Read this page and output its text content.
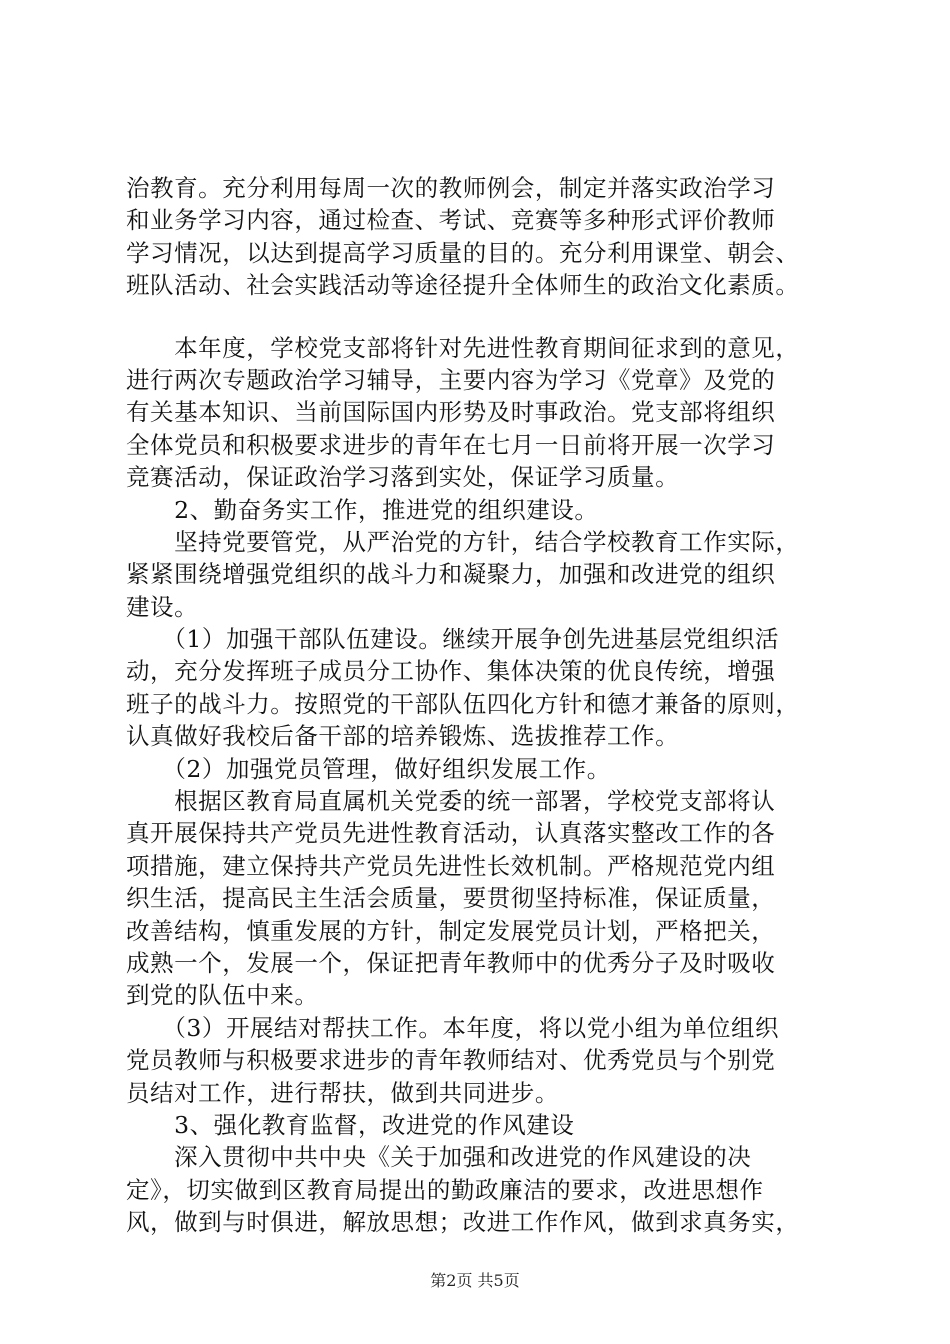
治教育。充分利用每周一次的教师例会，制定并落实政治学习
和业务学习内容，通过检查、考试、竞赛等多种形式评价教师
学习情况，以达到提高学习质量的目的。充分利用课堂、朝会、
班队活动、社会实践活动等途径提升全体师生的政治文化素质。
　　本年度，学校党支部将针对先进性教育期间征求到的意见，
进行两次专题政治学习辅导，主要内容为学习《党章》及党的
有关基本知识、当前国际国内形势及时事政治。党支部将组织
全体党员和积极要求进步的青年在七月一日前将开展一次学习
竞赛活动，保证政治学习落到实处，保证学习质量。
　　2、勤奋务实工作，推进党的组织建设。
　　坚持党要管党，从严治党的方针，结合学校教育工作实际，
紧紧围绕增强党组织的战斗力和凝聚力，加强和改进党的组织
建设。
　　（1）加强干部队伍建设。继续开展争创先进基层党组织活
动，充分发挥班子成员分工协作、集体决策的优良传统，增强
班子的战斗力。按照党的干部队伍四化方针和德才兼备的原则，
认真做好我校后备干部的培养锻炼、选拔推荐工作。
　　（2）加强党员管理，做好组织发展工作。
　　根据区教育局直属机关党委的统一部署，学校党支部将认
真开展保持共产党员先进性教育活动，认真落实整改工作的各
项措施，建立保持共产党员先进性长效机制。严格规范党内组
织生活，提高民主生活会质量，要贯彻坚持标准，保证质量，
改善结构，慎重发展的方针，制定发展党员计划，严格把关，
成熟一个，发展一个，保证把青年教师中的优秀分子及时吸收
到党的队伍中来。
　　（3）开展结对帮扶工作。本年度，将以党小组为单位组织
党员教师与积极要求进步的青年教师结对、优秀党员与个别党
员结对工作，进行帮扶，做到共同进步。
　　3、强化教育监督，改进党的作风建设
　　深入贯彻中共中央《关于加强和改进党的作风建设的决
定》，切实做到区教育局提出的勤政廉洁的要求，改进思想作
风，做到与时俱进，解放思想；改进工作作风，做到求真务实，
第2页 共5页
